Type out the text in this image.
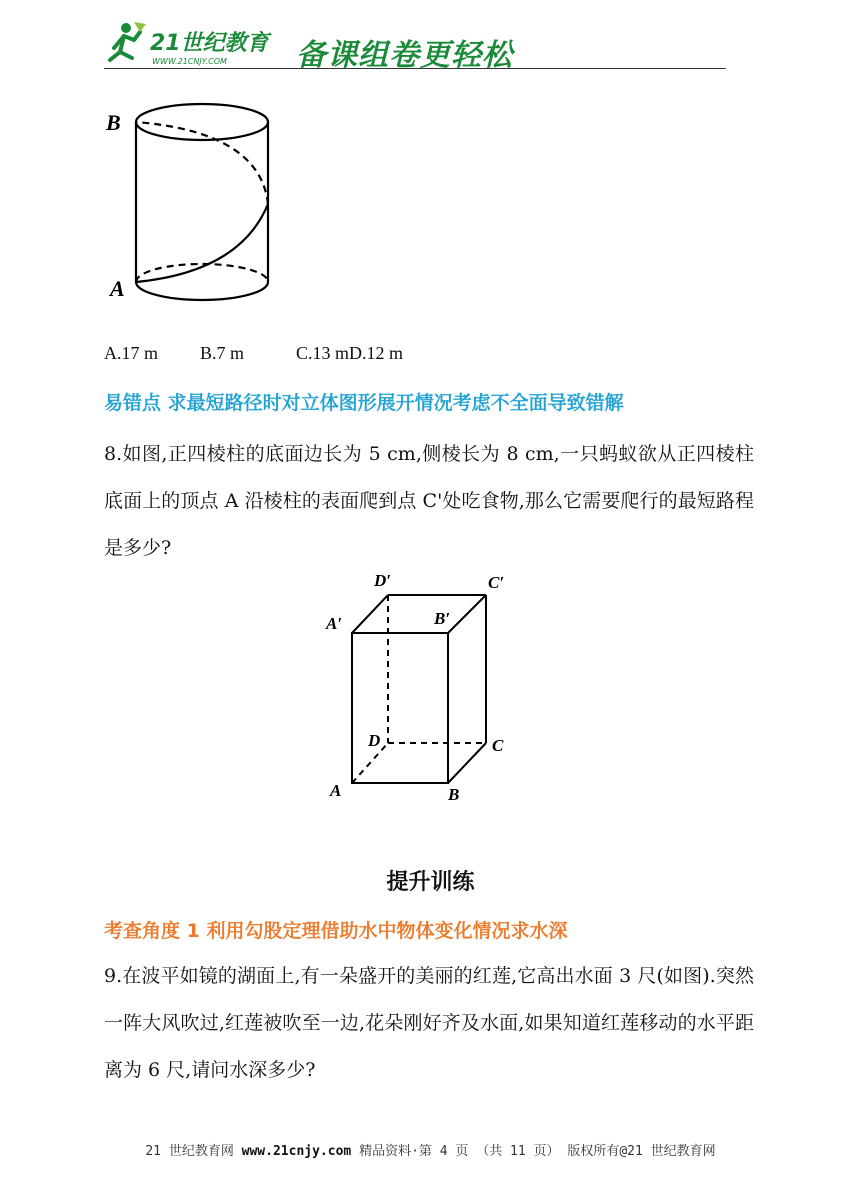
21世纪教育
WWW.21CNJY.COM 备课组卷更轻松
B
A
A.17 m B.7 m	C.13 mD.12 m
易错点 求最短路径时对立体图形展开情况考虑不全面导致错解
8.如图,正四棱柱的底面边长为 5 cm,侧棱长为 8 cm,一只蚂蚁欲从正四棱柱底面上的顶点 A 沿棱柱的表面爬到点 C'处吃食物,那么它需要爬行的最短路程是多少?
D′	C′
A′	B′
D	C
A	B
提升训练
考查角度 1 利用勾股定理借助水中物体变化情况求水深
9.在波平如镜的湖面上,有一朵盛开的美丽的红莲,它高出水面 3 尺(如图).突然一阵大风吹过,红莲被吹至一边,花朵刚好齐及水面,如果知道红莲移动的水平距离为 6 尺,请问水深多少?
21 世纪教育网 www.21cnjy.com 精品资料·第 4 页 （共 11 页） 版权所有@21 世纪教育网
